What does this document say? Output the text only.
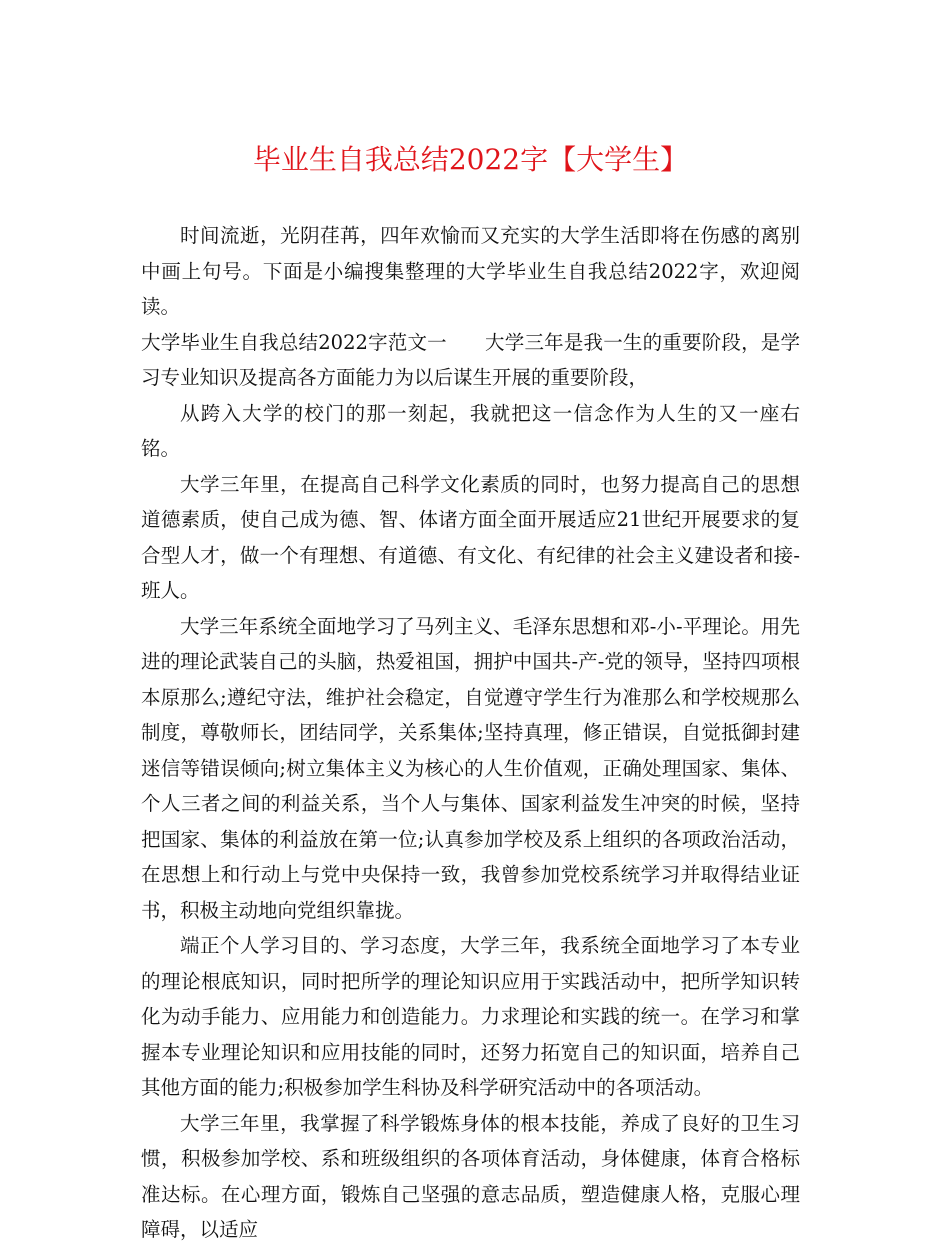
毕业生自我总结2022字【大学生】

时间流逝，光阴荏苒，四年欢愉而又充实的大学生活即将在伤感的离别中画上句号。下面是小编搜集整理的大学毕业生自我总结2022字，欢迎阅读。

大学毕业生自我总结2022字范文一 大学三年是我一生的重要阶段，是学习专业知识及提高各方面能力为以后谋生开展的重要阶段，

从跨入大学的校门的那一刻起，我就把这一信念作为人生的又一座右铭。

大学三年里，在提高自己科学文化素质的同时，也努力提高自己的思想道德素质，使自己成为德、智、体诸方面全面开展适应21世纪开展要求的复合型人才，做一个有理想、有道德、有文化、有纪律的社会主义建设者和接-班人。

大学三年系统全面地学习了马列主义、毛泽东思想和邓-小-平理论。用先进的理论武装自己的头脑，热爱祖国，拥护中国共-产-党的领导，坚持四项根本原那么;遵纪守法，维护社会稳定，自觉遵守学生行为准那么和学校规那么制度，尊敬师长，团结同学，关系集体;坚持真理，修正错误，自觉抵御封建迷信等错误倾向;树立集体主义为核心的人生价值观，正确处理国家、集体、个人三者之间的利益关系，当个人与集体、国家利益发生冲突的时候，坚持把国家、集体的利益放在第一位;认真参加学校及系上组织的各项政治活动，在思想上和行动上与党中央保持一致，我曾参加党校系统学习并取得结业证书，积极主动地向党组织靠拢。

端正个人学习目的、学习态度，大学三年，我系统全面地学习了本专业的理论根底知识，同时把所学的理论知识应用于实践活动中，把所学知识转化为动手能力、应用能力和创造能力。力求理论和实践的统一。在学习和掌握本专业理论知识和应用技能的同时，还努力拓宽自己的知识面，培养自己其他方面的能力;积极参加学生科协及科学研究活动中的各项活动。

大学三年里，我掌握了科学锻炼身体的根本技能，养成了良好的卫生习惯，积极参加学校、系和班级组织的各项体育活动，身体健康，体育合格标准达标。在心理方面，锻炼自己坚强的意志品质，塑造健康人格，克服心理障碍，以适应
